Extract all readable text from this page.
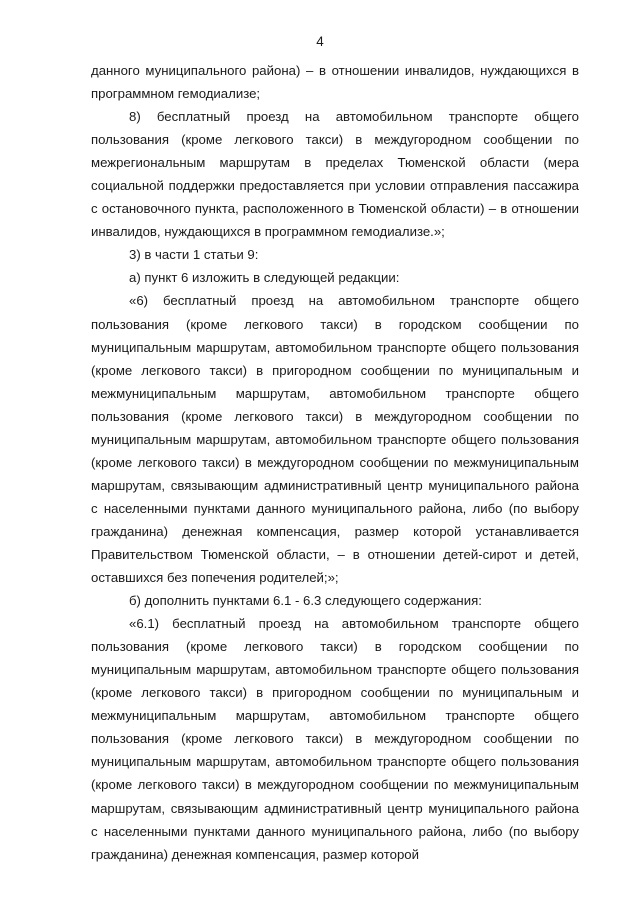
4

данного муниципального района) – в отношении инвалидов, нуждающихся в программном гемодиализе;

8) бесплатный проезд на автомобильном транспорте общего пользования (кроме легкового такси) в междугородном сообщении по межрегиональным маршрутам в пределах Тюменской области (мера социальной поддержки предоставляется при условии отправления пассажира с остановочного пункта, расположенного в Тюменской области) – в отношении инвалидов, нуждающихся в программном гемодиализе.»;

3) в части 1 статьи 9:

а) пункт 6 изложить в следующей редакции:

«6) бесплатный проезд на автомобильном транспорте общего пользования (кроме легкового такси) в городском сообщении по муниципальным маршрутам, автомобильном транспорте общего пользования (кроме легкового такси) в пригородном сообщении по муниципальным и межмуниципальным маршрутам, автомобильном транспорте общего пользования (кроме легкового такси) в междугородном сообщении по муниципальным маршрутам, автомобильном транспорте общего пользования (кроме легкового такси) в междугородном сообщении по межмуниципальным маршрутам, связывающим административный центр муниципального района с населенными пунктами данного муниципального района, либо (по выбору гражданина) денежная компенсация, размер которой устанавливается Правительством Тюменской области, – в отношении детей-сирот и детей, оставшихся без попечения родителей;»;

б) дополнить пунктами 6.1 - 6.3 следующего содержания:

«6.1) бесплатный проезд на автомобильном транспорте общего пользования (кроме легкового такси) в городском сообщении по муниципальным маршрутам, автомобильном транспорте общего пользования (кроме легкового такси) в пригородном сообщении по муниципальным и межмуниципальным маршрутам, автомобильном транспорте общего пользования (кроме легкового такси) в междугородном сообщении по муниципальным маршрутам, автомобильном транспорте общего пользования (кроме легкового такси) в междугородном сообщении по межмуниципальным маршрутам, связывающим административный центр муниципального района с населенными пунктами данного муниципального района, либо (по выбору гражданина) денежная компенсация, размер которой
